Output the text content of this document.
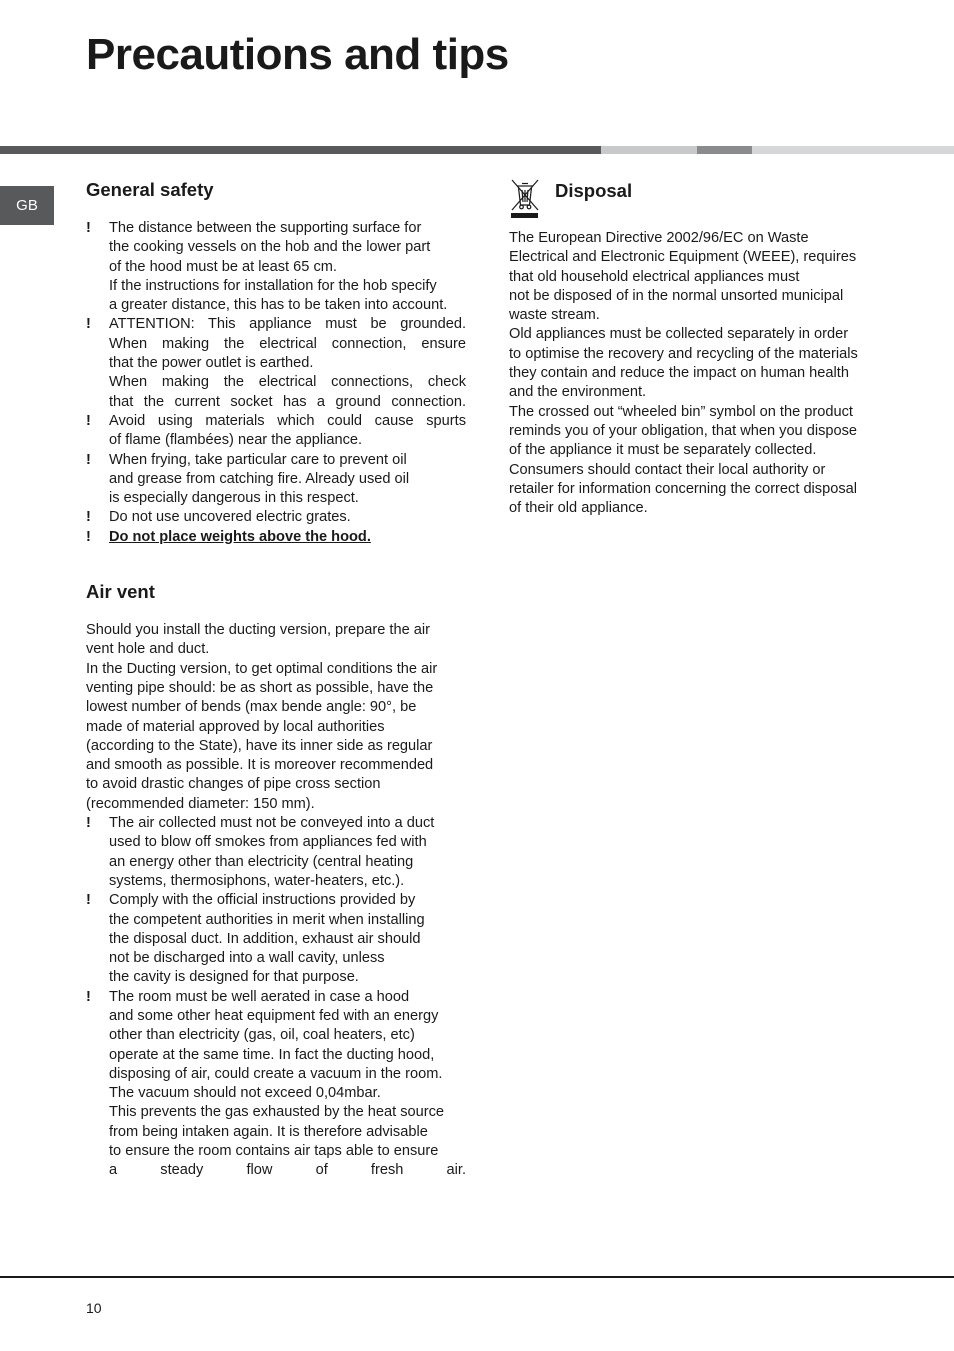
Precautions and tips
GB
General safety
! The distance between the supporting surface for
the cooking vessels on the hob and the lower part
of the hood must be at least 65 cm.
If the instructions for installation for the hob specify
a greater distance, this has to be taken into account.
! ATTENTION: This appliance must be grounded.
When making the electrical connection, ensure
that the power outlet is earthed.
When making the electrical connections, check
that the current socket has a ground connection.
! Avoid using materials which could cause spurts
of flame (flambées) near the appliance.
! When frying, take particular care to prevent oil
and grease from catching fire. Already used oil
is especially dangerous in this respect.
! Do not use uncovered electric grates.
! Do not place weights above the hood.
Air vent
Should you install the ducting version, prepare the air
vent hole and duct.
In the Ducting version, to get optimal conditions the air
venting pipe should: be as short as possible, have the
lowest number of bends (max bende angle: 90°, be
made of material approved by local authorities
(according to the State), have its inner side as regular
and smooth as possible. It is moreover recommended
to avoid drastic changes of pipe cross section
(recommended diameter: 150 mm).
! The air collected must not be conveyed into a duct
used to blow off smokes from appliances fed with
an energy other than electricity (central heating
systems, thermosiphons, water-heaters, etc.).
! Comply with the official instructions provided by
the competent authorities in merit when installing
the disposal duct. In addition, exhaust air should
not be discharged into a wall cavity, unless
the cavity is designed for that purpose.
! The room must be well aerated in case a hood
and some other heat equipment fed with an energy
other than electricity (gas, oil, coal heaters, etc)
operate at the same time. In fact the ducting hood,
disposing of air, could create a vacuum in the room.
The vacuum should not exceed 0,04mbar.
This prevents the gas exhausted by the heat source
from being intaken again. It is therefore advisable
to ensure the room contains air taps able to ensure
a steady flow of fresh air.
Disposal
The European Directive 2002/96/EC on Waste
Electrical and Electronic Equipment (WEEE), requires
that old household electrical appliances must
not be disposed of in the normal unsorted municipal
waste stream.
Old appliances must be collected separately in order
to optimise the recovery and recycling of the materials
they contain and reduce the impact on human health
and the environment.
The crossed out “wheeled bin” symbol on the product
reminds you of your obligation, that when you dispose
of the appliance it must be separately collected.
Consumers should contact their local authority or
retailer for information concerning the correct disposal
of their old appliance.
10
